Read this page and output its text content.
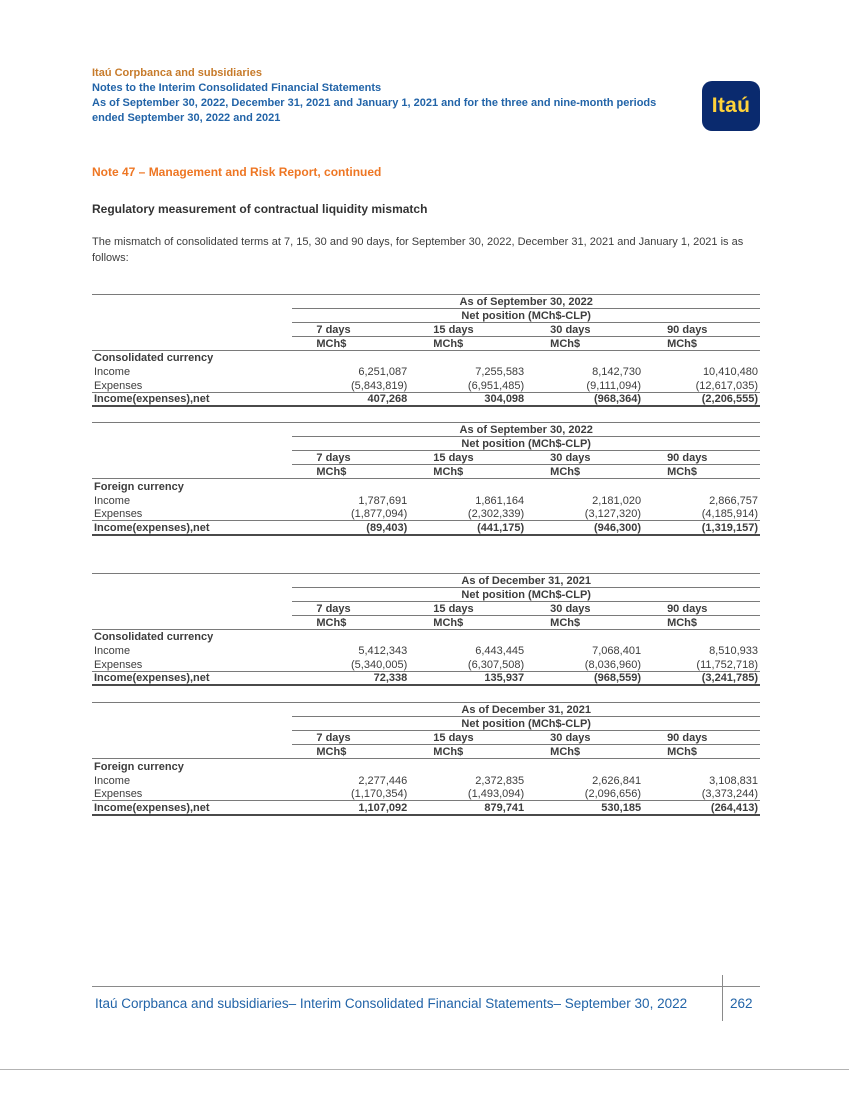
Itaú Corpbanca and subsidiaries
Notes to the Interim Consolidated Financial Statements
As of September 30, 2022, December 31, 2021 and January 1, 2021 and for the three and nine-month periods ended September 30, 2022 and 2021
Itaú
Note 47 – Management and Risk Report, continued
Regulatory measurement of contractual liquidity mismatch

The mismatch of consolidated terms at 7, 15, 30 and 90 days, for September 30, 2022, December 31, 2021 and January 1, 2021 is as follows:

	As of September 30, 2022			
	Net position (MCh$-CLP)			
	7 days	15 days	30 days	90 days
	MCh$	MCh$	MCh$	MCh$
Consolidated currency				
Income	6,251,087	7,255,583	8,142,730	10,410,480
Expenses	(5,843,819)	(6,951,485)	(9,111,094)	(12,617,035)
Income(expenses),net	407,268	304,098	(968,364)	(2,206,555)
	As of September 30, 2022			
	Net position (MCh$-CLP)			
	7 days	15 days	30 days	90 days
	MCh$	MCh$	MCh$	MCh$
Foreign currency				
Income	1,787,691	1,861,164	2,181,020	2,866,757
Expenses	(1,877,094)	(2,302,339)	(3,127,320)	(4,185,914)
Income(expenses),net	(89,403)	(441,175)	(946,300)	(1,319,157)
	As of December 31, 2021			
	Net position (MCh$-CLP)			
	7 days	15 days	30 days	90 days
	MCh$	MCh$	MCh$	MCh$
Consolidated currency				
Income	5,412,343	6,443,445	7,068,401	8,510,933
Expenses	(5,340,005)	(6,307,508)	(8,036,960)	(11,752,718)
Income(expenses),net	72,338	135,937	(968,559)	(3,241,785)
	As of December 31, 2021			
	Net position (MCh$-CLP)			
	7 days	15 days	30 days	90 days
	MCh$	MCh$	MCh$	MCh$
Foreign currency				
Income	2,277,446	2,372,835	2,626,841	3,108,831
Expenses	(1,170,354)	(1,493,094)	(2,096,656)	(3,373,244)
Income(expenses),net	1,107,092	879,741	530,185	(264,413)
Itaú Corpbanca and subsidiaries– Interim Consolidated Financial Statements– September 30, 2022	262
